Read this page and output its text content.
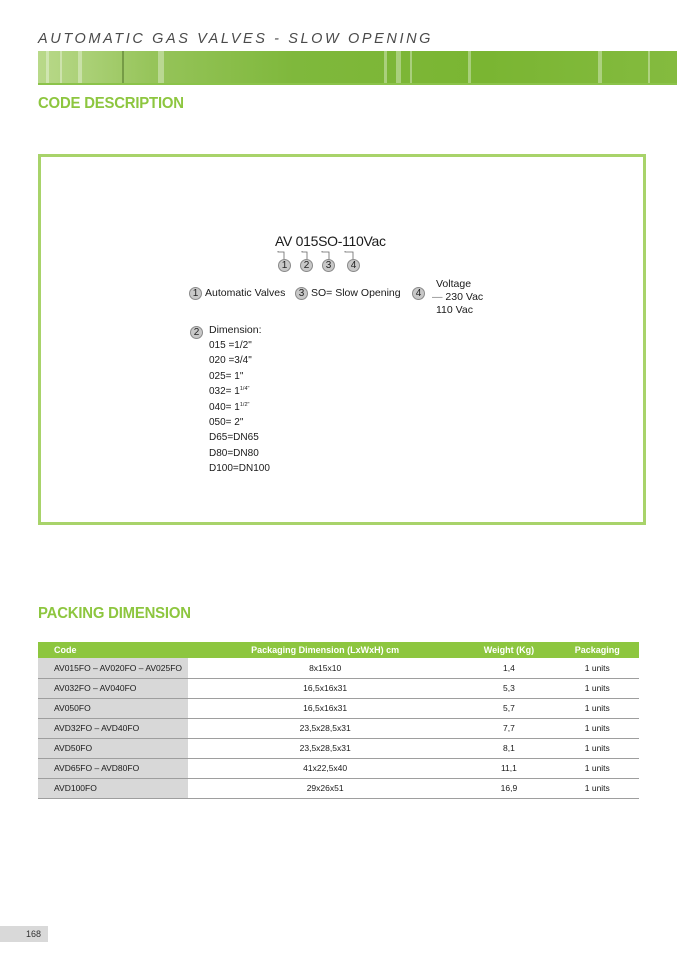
AUTOMATIC GAS VALVES - SLOW OPENING
CODE DESCRIPTION
AV 015SO-110Vac
1	2	3	4
1 Automatic Valves	3 SO= Slow Opening	4
Voltage
— 230 Vac
110 Vac
2 Dimension:
015 =1/2"
020 =3/4"
025= 1"
$032= 1^{1/4"}$
$040= 1^{1/2"}$
050= 2"
D65=DN65
D80=DN80
D100=DN100
PACKING DIMENSION
Code	Packaging Dimension (LxWxH) cm	Weight (Kg)	Packaging
AV015FO – AV020FO – AV025FO	8x15x10	1,4	1 units
AV032FO – AV040FO	16,5x16x31	5,3	1 units
AV050FO	16,5x16x31	5,7	1 units
AVD32FO – AVD40FO	23,5x28,5x31	7,7	1 units
AVD50FO	23,5x28,5x31	8,1	1 units
AVD65FO – AVD80FO	41x22,5x40	11,1	1 units
AVD100FO	29x26x51	16,9	1 units
168
